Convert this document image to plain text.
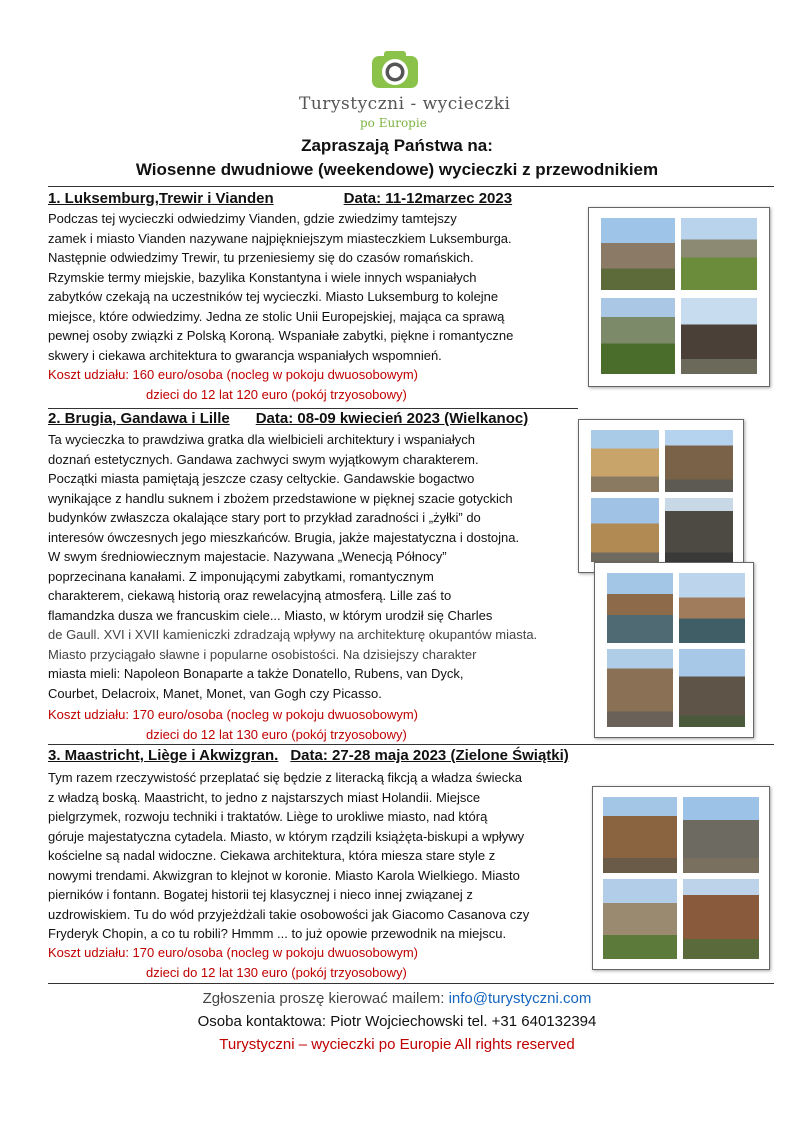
Turystyczni - wycieczki
po Europie
Zapraszają Państwa na:
Wiosenne dwudniowe (weekendowe) wycieczki z przewodnikiem
1. Luksemburg,Trewir i Vianden	Data: 11-12marzec 2023
Podczas tej wycieczki odwiedzimy Vianden, gdzie zwiedzimy tamtejszy
zamek i miasto Vianden nazywane najpiękniejszym miasteczkiem Luksemburga.
Następnie odwiedzimy Trewir, tu przeniesiemy się do czasów romańskich.
Rzymskie termy miejskie, bazylika Konstantyna i wiele innych wspaniałych
zabytków czekają na uczestników tej wycieczki. Miasto Luksemburg to kolejne
miejsce, które odwiedzimy. Jedna ze stolic Unii Europejskiej, mająca ca sprawą
pewnej osoby związki z Polską Koroną. Wspaniałe zabytki, piękne i romantyczne
skwery i ciekawa architektura to gwarancja wspaniałych wspomnień.
Koszt udziału: 160 euro/osoba (nocleg w pokoju dwuosobowym)
dzieci do 12 lat 120 euro (pokój trzyosobowy)
2. Brugia, Gandawa i Lille Data: 08-09 kwiecień 2023 (Wielkanoc)
Ta wycieczka to prawdziwa gratka dla wielbicieli architektury i wspaniałych
doznań estetycznych. Gandawa zachwyci swym wyjątkowym charakterem.
Początki miasta pamiętają jeszcze czasy celtyckie. Gandawskie bogactwo
wynikające z handlu suknem i zbożem przedstawione w pięknej szacie gotyckich
budynków zwłaszcza okalające stary port to przykład zaradności i „żyłki” do
interesów ówczesnych jego mieszkańców. Brugia, jakże majestatyczna i dostojna.
W swym średniowiecznym majestacie. Nazywana „Wenecją Północy”
poprzecinana kanałami. Z imponującymi zabytkami, romantycznym
charakterem, ciekawą historią oraz rewelacyjną atmosferą. Lille zaś to
flamandzka dusza we francuskim ciele... Miasto, w którym urodził się Charles
de Gaull. XVI i XVII kamieniczki zdradzają wpływy na architekturę okupantów miasta.
Miasto przyciągało sławne i popularne osobistości. Na dzisiejszy charakter
miasta mieli: Napoleon Bonaparte a także Donatello, Rubens, van Dyck,
Courbet, Delacroix, Manet, Monet, van Gogh czy Picasso.
Koszt udziału: 170 euro/osoba (nocleg w pokoju dwuosobowym)
dzieci do 12 lat 130 euro (pokój trzyosobowy)
3. Maastricht, Liège i Akwizgran. Data: 27-28 maja 2023 (Zielone Świątki)
Tym razem rzeczywistość przeplatać się będzie z literacką fikcją a władza świecka
z władzą boską. Maastricht, to jedno z najstarszych miast Holandii. Miejsce
pielgrzymek, rozwoju techniki i traktatów. Liège to urokliwe miasto, nad którą
góruje majestatyczna cytadela. Miasto, w którym rządzili książęta-biskupi a wpływy
kościelne są nadal widoczne. Ciekawa architektura, która miesza stare style z
nowymi trendami. Akwizgran to klejnot w koronie. Miasto Karola Wielkiego. Miasto
pierników i fontann. Bogatej historii tej klasycznej i nieco innej związanej z
uzdrowiskiem. Tu do wód przyjeżdżali takie osobowości jak Giacomo Casanova czy
Fryderyk Chopin, a co tu robili? Hmmm ... to już opowie przewodnik na miejscu.
Koszt udziału: 170 euro/osoba (nocleg w pokoju dwuosobowym)
dzieci do 12 lat 130 euro (pokój trzyosobowy)
Zgłoszenia proszę kierować mailem: info@turystyczni.com
Osoba kontaktowa: Piotr Wojciechowski tel. +31 640132394
Turystyczni – wycieczki po Europie All rights reserved
